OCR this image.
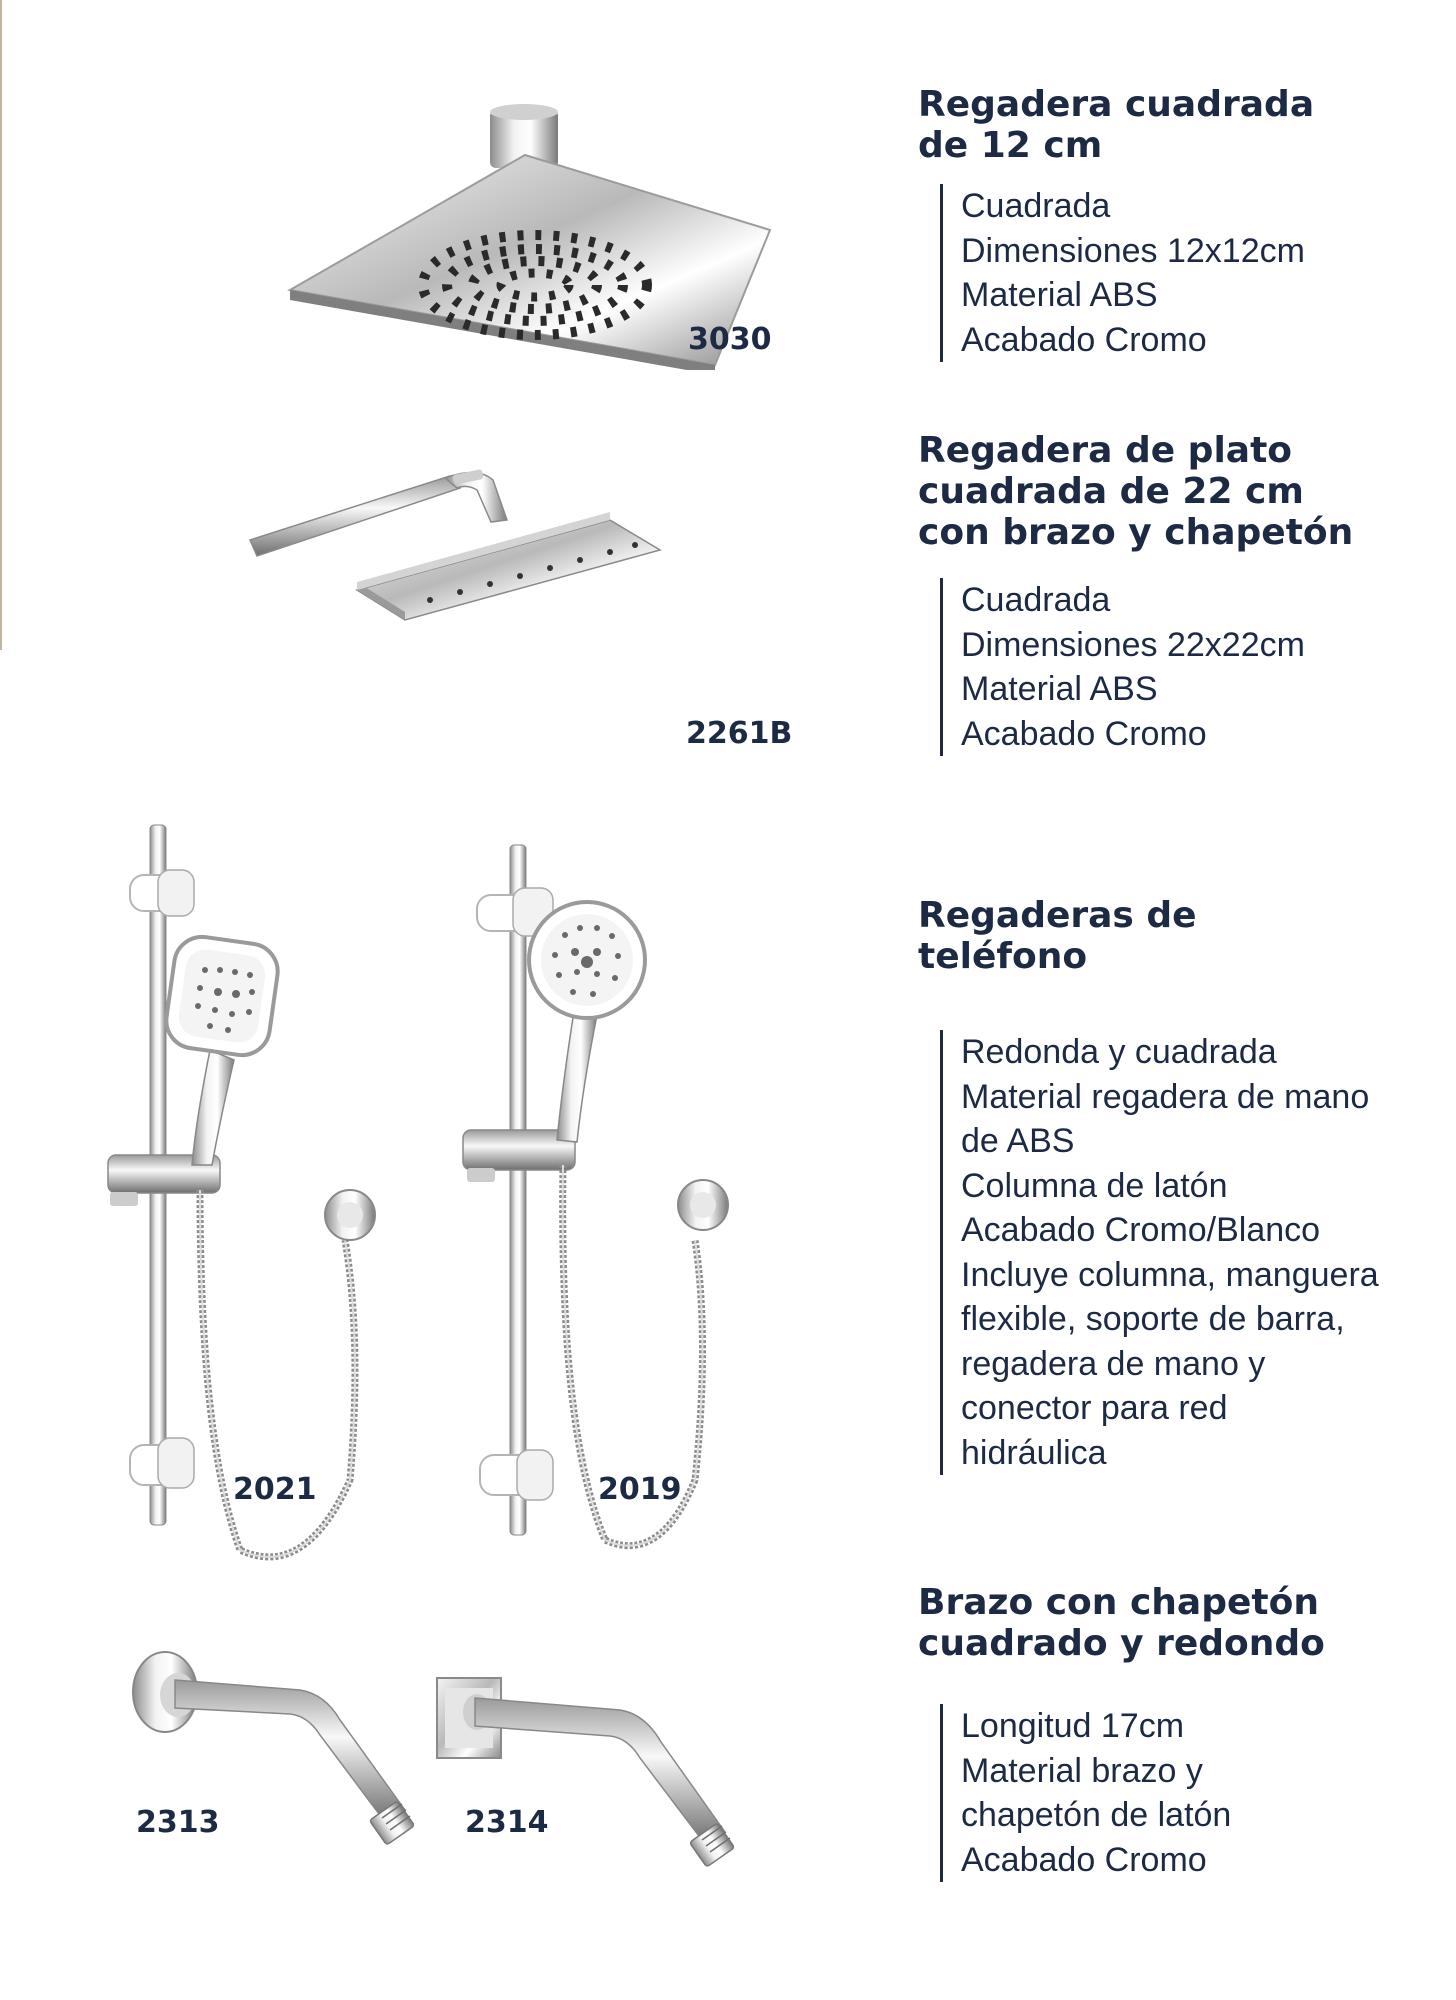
3030

Regadera cuadrada

de 12 cm

Cuadrada
Dimensiones 12x12cm
Material ABS
Acabado Cromo
2261B

Regadera de plato

cuadrada de 22 cm

con brazo y chapetón

Cuadrada
Dimensiones 22x22cm
Material ABS
Acabado Cromo
2021	2019

Regaderas de

teléfono

Redonda y cuadrada
Material regadera de mano
de ABS
Columna de latón
Acabado Cromo/Blanco
Incluye columna, manguera
flexible, soporte de barra,
regadera de mano y
conector para red
hidráulica
2313	2314

Brazo con chapetón

cuadrado y redondo

Longitud 17cm
Material brazo y
chapetón de latón
Acabado Cromo
